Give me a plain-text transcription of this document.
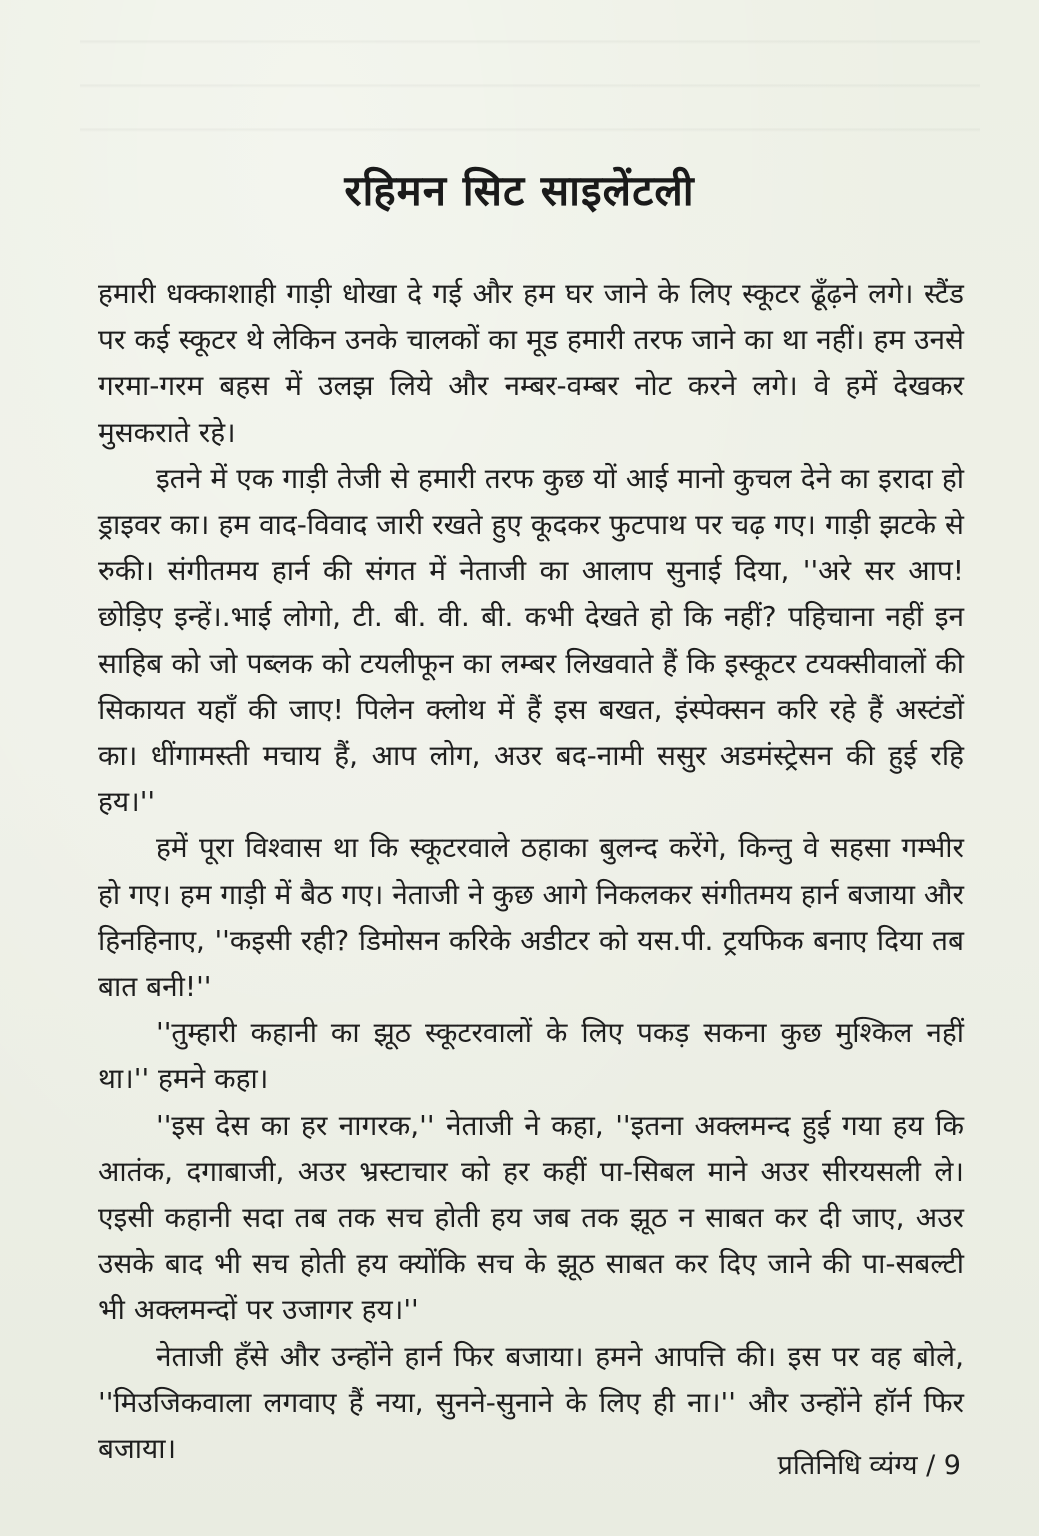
रहिमन सिट साइलेंटली

हमारी धक्काशाही गाड़ी धोखा दे गई और हम घर जाने के लिए स्कूटर ढूँढ़ने लगे। स्टैंड पर कई स्कूटर थे लेकिन उनके चालकों का मूड हमारी तरफ जाने का था नहीं। हम उनसे गरमा-गरम बहस में उलझ लिये और नम्बर-वम्बर नोट करने लगे। वे हमें देखकर मुसकराते रहे।

इतने में एक गाड़ी तेजी से हमारी तरफ कुछ यों आई मानो कुचल देने का इरादा हो ड्राइवर का। हम वाद-विवाद जारी रखते हुए कूदकर फुटपाथ पर चढ़ गए। गाड़ी झटके से रुकी। संगीतमय हार्न की संगत में नेताजी का आलाप सुनाई दिया, ''अरे सर आप! छोड़िए इन्हें।.भाई लोगो, टी. बी. वी. बी. कभी देखते हो कि नहीं? पहिचाना नहीं इन साहिब को जो पब्लक को टयलीफून का लम्बर लिखवाते हैं कि इस्कूटर टयक्सीवालों की सिकायत यहाँ की जाए! पिलेन क्लोथ में हैं इस बखत, इंस्पेक्सन करि रहे हैं अस्टंडों का। धींगामस्ती मचाय हैं, आप लोग, अउर बद-नामी ससुर अडमंस्ट्रेसन की हुई रहि हय।''

हमें पूरा विश्वास था कि स्कूटरवाले ठहाका बुलन्द करेंगे, किन्तु वे सहसा गम्भीर हो गए। हम गाड़ी में बैठ गए। नेताजी ने कुछ आगे निकलकर संगीतमय हार्न बजाया और हिनहिनाए, ''कइसी रही? डिमोसन करिके अडीटर को यस.पी. ट्रयफिक बनाए दिया तब बात बनी!''

''तुम्हारी कहानी का झूठ स्कूटरवालों के लिए पकड़ सकना कुछ मुश्किल नहीं था।'' हमने कहा।

''इस देस का हर नागरक,'' नेताजी ने कहा, ''इतना अक्लमन्द हुई गया हय कि आतंक, दगाबाजी, अउर भ्रस्टाचार को हर कहीं पा-सिबल माने अउर सीरयसली ले। एइसी कहानी सदा तब तक सच होती हय जब तक झूठ न साबत कर दी जाए, अउर उसके बाद भी सच होती हय क्योंकि सच के झूठ साबत कर दिए जाने की पा-सबल्टी भी अक्लमन्दों पर उजागर हय।''

नेताजी हँसे और उन्होंने हार्न फिर बजाया। हमने आपत्ति की। इस पर वह बोले, ''मिउजिकवाला लगवाए हैं नया, सुनने-सुनाने के लिए ही ना।'' और उन्होंने हॉर्न फिर बजाया।

प्रतिनिधि व्यंग्य / 9
